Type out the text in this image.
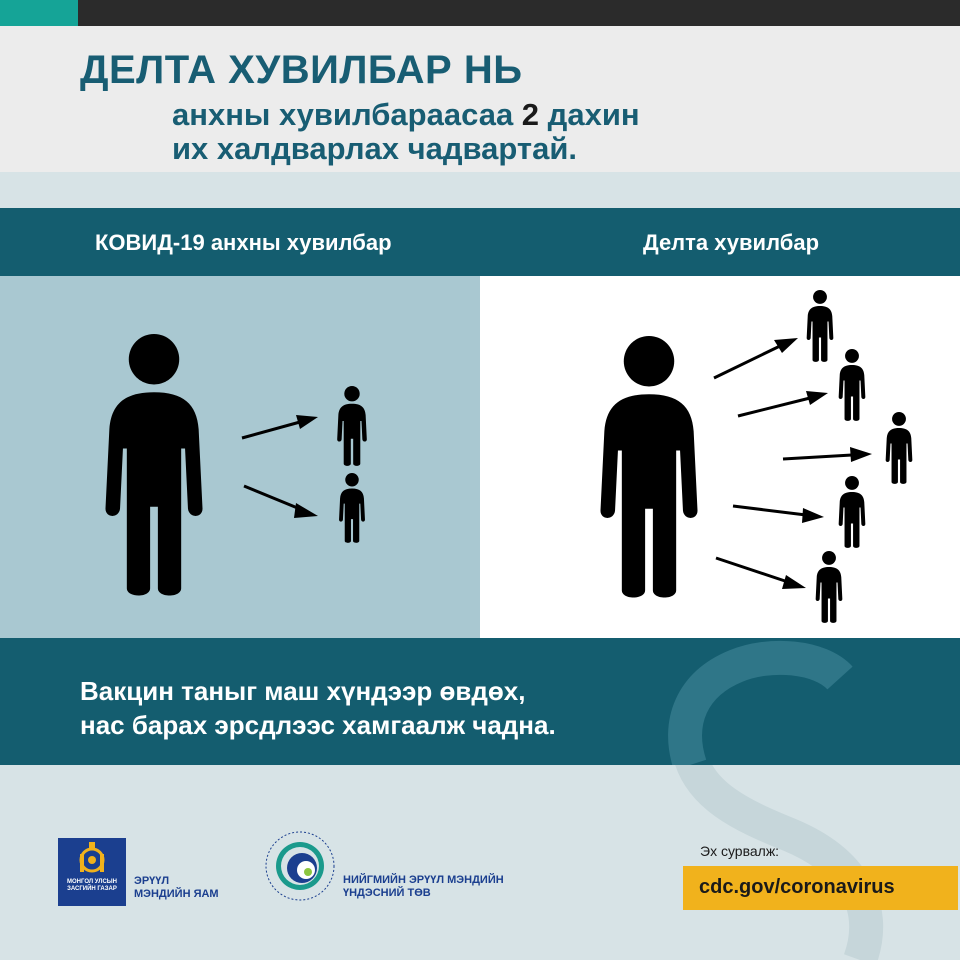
ДЕЛТА ХУВИЛБАР НЬ
анхны хувилбараасаа 2 дахин
их халдварлах чадвартай.
КОВИД-19 анхны хувилбар	Делта хувилбар
Вакцин таныг маш хүндээр өвдөх,
нас барах эрсдлээс хамгаалж чадна.
МОНГОЛ УЛСЫН ЗАСГИЙН ГАЗАР
ЭРҮҮЛ
МЭНДИЙН ЯАМ
НИЙГМИЙН ЭРҮҮЛ МЭНДИЙН
ҮНДЭСНИЙ ТӨВ
Эх сурвалж:
cdc.gov/coronavirus
